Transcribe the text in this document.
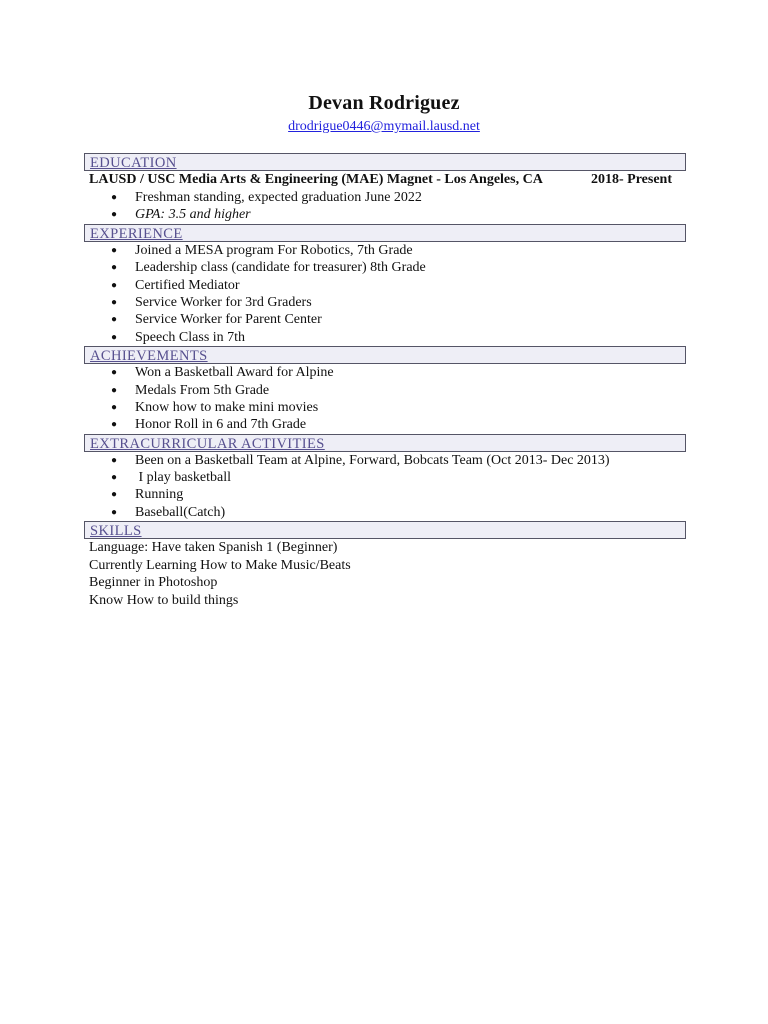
Devan Rodriguez
drodrigue0446@mymail.lausd.net
EDUCATION
LAUSD / USC Media Arts & Engineering (MAE) Magnet - Los Angeles, CA	2018- Present
● Freshman standing, expected graduation June 2022
● GPA: 3.5 and higher
EXPERIENCE
● Joined a MESA program For Robotics, 7th Grade
● Leadership class (candidate for treasurer) 8th Grade
● Certified Mediator
● Service Worker for 3rd Graders
● Service Worker for Parent Center
● Speech Class in 7th
ACHIEVEMENTS
● Won a Basketball Award for Alpine
● Medals From 5th Grade
● Know how to make mini movies
● Honor Roll in 6 and 7th Grade
EXTRACURRICULAR ACTIVITIES
● Been on a Basketball Team at Alpine, Forward, Bobcats Team (Oct 2013- Dec 2013)
●  I play basketball
● Running
● Baseball(Catch)
SKILLS
Language: Have taken Spanish 1 (Beginner)
Currently Learning How to Make Music/Beats
Beginner in Photoshop
Know How to build things
